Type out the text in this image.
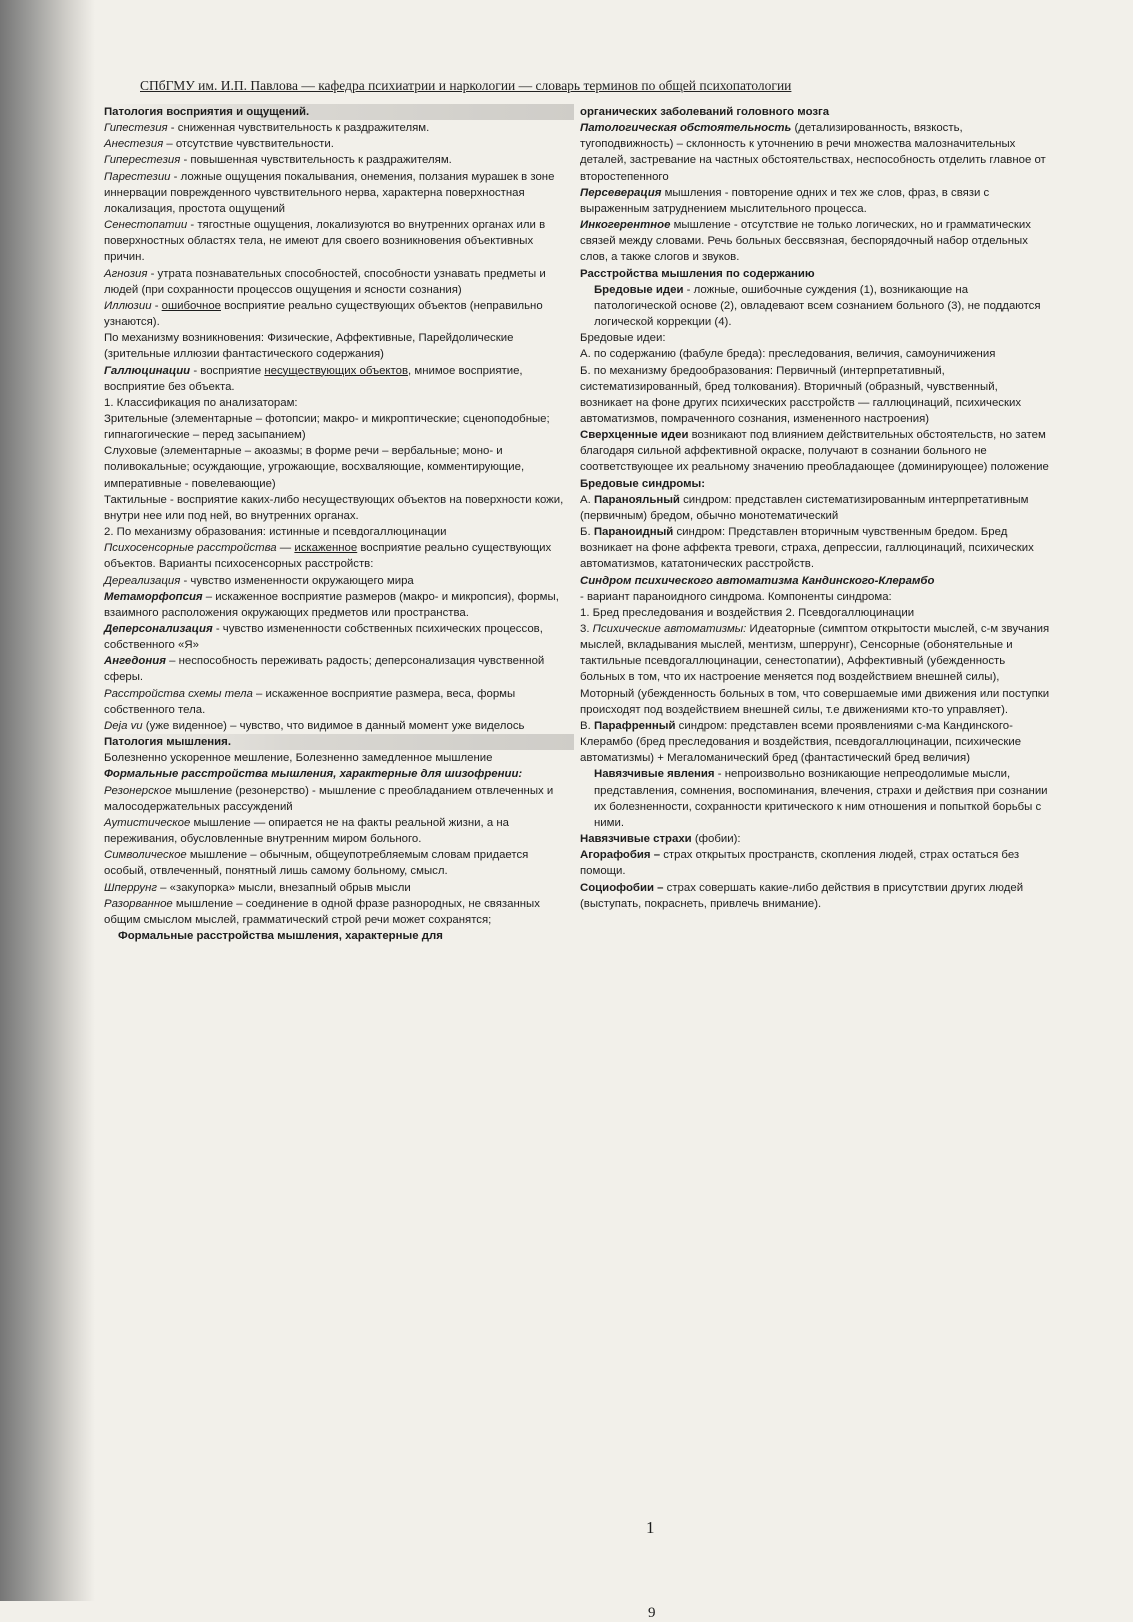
СПбГМУ им. И.П. Павлова — кафедра психиатрии и наркологии — словарь терминов по общей психопатологии

Патология восприятия и ощущений.

Гипестезия - сниженная чувствительность к раздражителям.

Анестезия – отсутствие чувствительности.

Гиперестезия - повышенная чувствительность к раздражителям.

Парестезии - ложные ощущения покалывания, онемения, ползания мурашек в зоне иннервации поврежденного чувствительного нерва, характерна поверхностная локализация, простота ощущений

Сенестопатии - тягостные ощущения, локализуются во внутренних органах или в поверхностных областях тела, не имеют для своего возникновения объективных причин.

Агнозия - утрата познавательных способностей, способности узнавать предметы и людей (при сохранности процессов ощущения и ясности сознания)

Иллюзии - ошибочное восприятие реально существующих объектов (неправильно узнаются).

По механизму возникновения: Физические, Аффективные, Парейдолические (зрительные иллюзии фантастического содержания)

Галлюцинации - восприятие несуществующих объектов, мнимое восприятие, восприятие без объекта.

1. Классификация по анализаторам:

Зрительные (элементарные – фотопсии; макро- и микроптические; сценоподобные; гипнагогические – перед засыпанием)

Слуховые (элементарные – акоазмы; в форме речи – вербальные; моно- и поливокальные; осуждающие, угрожающие, восхваляющие, комментирующие, императивные - повелевающие)

Тактильные - восприятие каких-либо несуществующих объектов на поверхности кожи, внутри нее или под ней, во внутренних органах.

2. По механизму образования: истинные и псевдогаллюцинации

Психосенсорные расстройства — искаженное восприятие реально существующих объектов. Варианты психосенсорных расстройств:

Дереализация - чувство измененности окружающего мира

Метаморфопсия – искаженное восприятие размеров (макро- и микропсия), формы, взаимного расположения окружающих предметов или пространства.

Деперсонализация - чувство измененности собственных психических процессов, собственного «Я»

Ангедония – неспособность переживать радость; деперсонализация чувственной сферы.

Расстройства схемы тела – искаженное восприятие размера, веса, формы собственного тела.

Deja vu (уже виденное) – чувство, что видимое в данный момент уже виделось

Патология мышления.

Болезненно ускоренное мешление, Болезненно замедленное мышление

Формальные расстройства мышления, характерные для шизофрении:

Резонерское мышление (резонерство) - мышление с преобладанием отвлеченных и малосодержательных рассуждений

Аутистическое мышление — опирается не на факты реальной жизни, а на переживания, обусловленные внутренним миром больного.

Символическое мышление – обычным, общеупотребляемым словам придается особый, отвлеченный, понятный лишь самому больному, смысл.

Шперрунг – «закупорка» мысли, внезапный обрыв мысли

Разорванное мышление – соединение в одной фразе разнородных, не связанных общим смыслом мыслей, грамматический строй речи может сохранятся;

Формальные расстройства мышления, характерные для

органических заболеваний головного мозга

Патологическая обстоятельность (детализированность, вязкость, тугоподвижность) – склонность к уточнению в речи множества малозначительных деталей, застревание на частных обстоятельствах, неспособность отделить главное от второстепенного

Персеверация мышления - повторение одних и тех же слов, фраз, в связи с выраженным затруднением мыслительного процесса.

Инкогерентное мышление - отсутствие не только логических, но и грамматических связей между словами. Речь больных бессвязная, беспорядочный набор отдельных слов, а также слогов и звуков.

Расстройства мышления по содержанию

Бредовые идеи - ложные, ошибочные суждения (1), возникающие на патологической основе (2), овладевают всем сознанием больного (3), не поддаются логической коррекции (4).

Бредовые идеи:

А. по содержанию (фабуле бреда): преследования, величия, самоуничижения

Б. по механизму бредообразования: Первичный (интерпретативный, систематизированный, бред толкования). Вторичный (образный, чувственный, возникает на фоне других психических расстройств — галлюцинаций, психических автоматизмов, помраченного сознания, измененного настроения)

Сверхценные идеи возникают под влиянием действительных обстоятельств, но затем благодаря сильной аффективной окраске, получают в сознании больного не соответствующее их реальному значению преобладающее (доминирующее) положение

Бредовые синдромы:

А. Паранояльный синдром: представлен систематизированным интерпретативным (первичным) бредом, обычно монотематический

Б. Параноидный синдром: Представлен вторичным чувственным бредом. Бред возникает на фоне аффекта тревоги, страха, депрессии, галлюцинаций, психических автоматизмов, кататонических расстройств.

Синдром психического автоматизма Кандинского-Клерамбо

- вариант параноидного синдрома. Компоненты синдрома:

1. Бред преследования и воздействия 2. Псевдогаллюцинации

3. Психические автоматизмы: Идеаторные (симптом открытости мыслей, с-м звучания мыслей, вкладывания мыслей, ментизм, шперрунг), Сенсорные (обонятельные и тактильные псевдогаллюцинации, сенестопатии), Аффективный (убежденность больных в том, что их настроение меняется под воздействием внешней силы), Моторный (убежденность больных в том, что совершаемые ими движения или поступки происходят под воздействием внешней силы, т.е движениями кто-то управляет).

В. Парафренный синдром: представлен всеми проявлениями с-ма Кандинского-Клерамбо (бред преследования и воздействия, псевдогаллюцинации, психические автоматизмы) + Мегаломанический бред (фантастический бред величия)

Навязчивые явления - непроизвольно возникающие непреодолимые мысли, представления, сомнения, воспоминания, влечения, страхи и действия при сознании их болезненности, сохранности критического к ним отношения и попыткой борьбы с ними.

Навязчивые страхи (фобии):

Агорафобия – страх открытых пространств, скопления людей, страх остаться без помощи.

Социофобии – страх совершать какие-либо действия в присутствии других людей (выступать, покраснеть, привлечь внимание).

1
9
